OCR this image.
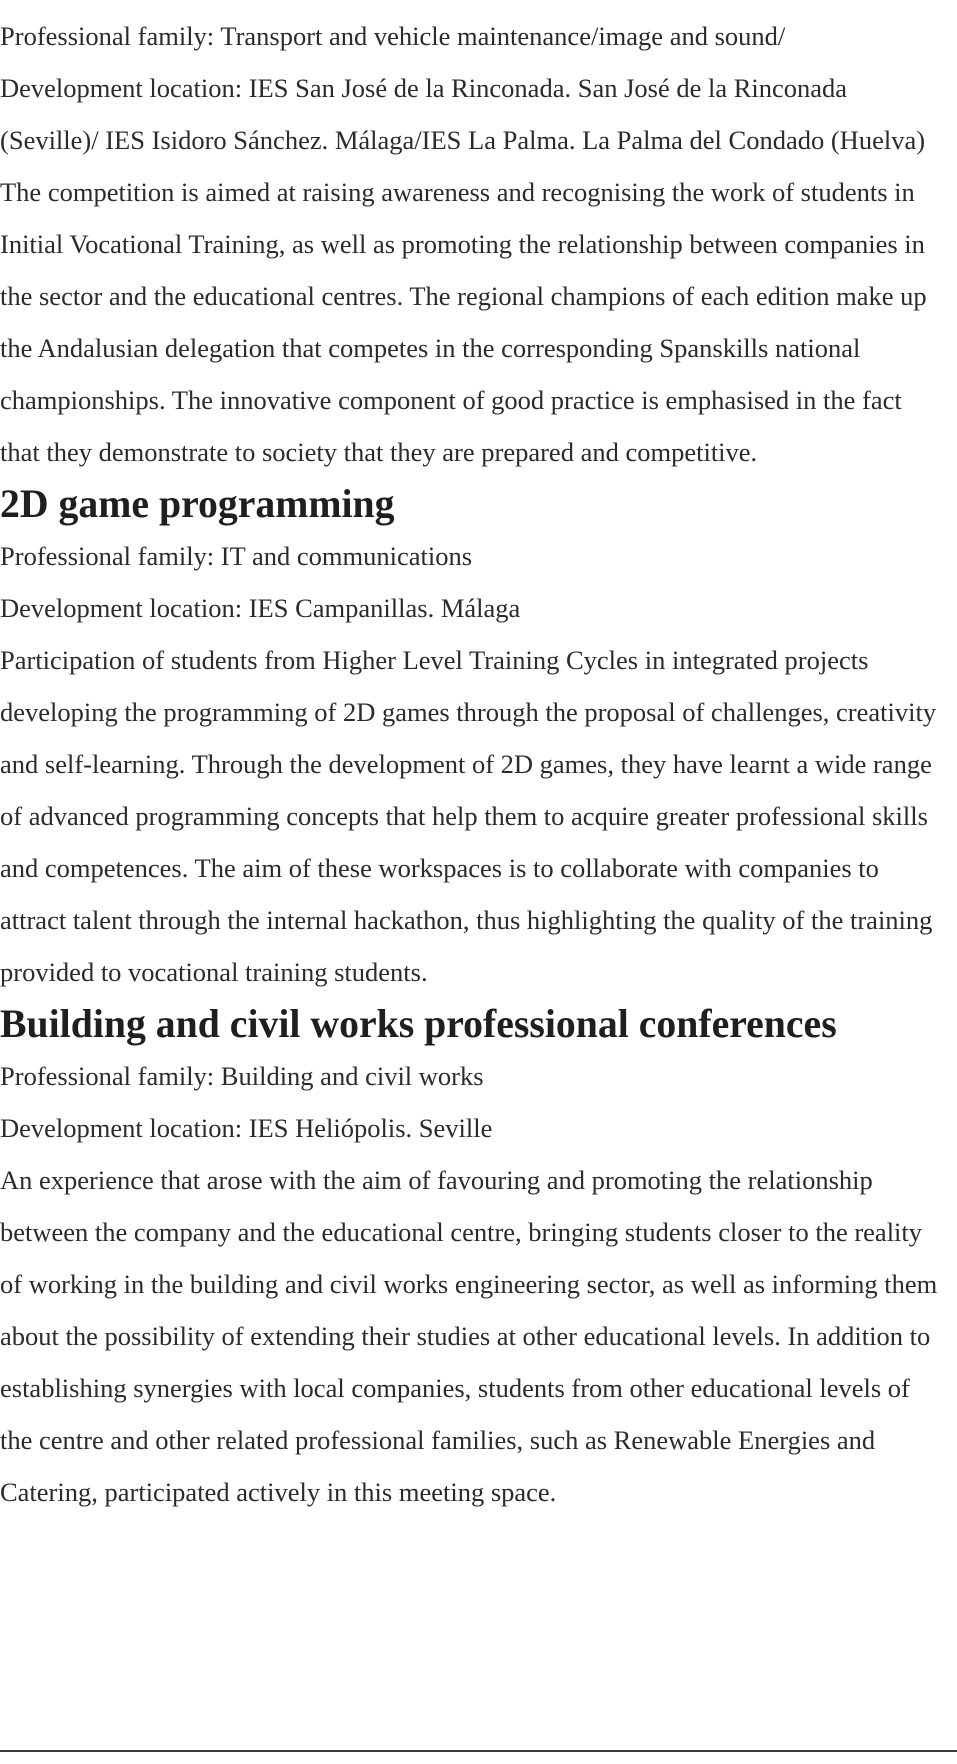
Professional family: Transport and vehicle maintenance/image and sound/

Development location: IES San José de la Rinconada. San José de la Rinconada (Seville)/ IES Isidoro Sánchez. Málaga/IES La Palma. La Palma del Condado (Huelva)

The competition is aimed at raising awareness and recognising the work of students in Initial Vocational Training, as well as promoting the relationship between companies in the sector and the educational centres. The regional champions of each edition make up the Andalusian delegation that competes in the corresponding Spanskills national championships. The innovative component of good practice is emphasised in the fact that they demonstrate to society that they are prepared and competitive.

2D game programming

Professional family: IT and communications

Development location: IES Campanillas. Málaga

Participation of students from Higher Level Training Cycles in integrated projects developing the programming of 2D games through the proposal of challenges, creativity and self-learning. Through the development of 2D games, they have learnt a wide range of advanced programming concepts that help them to acquire greater professional skills and competences. The aim of these workspaces is to collaborate with companies to attract talent through the internal hackathon, thus highlighting the quality of the training provided to vocational training students.

Building and civil works professional conferences

Professional family: Building and civil works

Development location: IES Heliópolis. Seville

An experience that arose with the aim of favouring and promoting the relationship between the company and the educational centre, bringing students closer to the reality of working in the building and civil works engineering sector, as well as informing them about the possibility of extending their studies at other educational levels. In addition to establishing synergies with local companies, students from other educational levels of the centre and other related professional families, such as Renewable Energies and Catering, participated actively in this meeting space.
